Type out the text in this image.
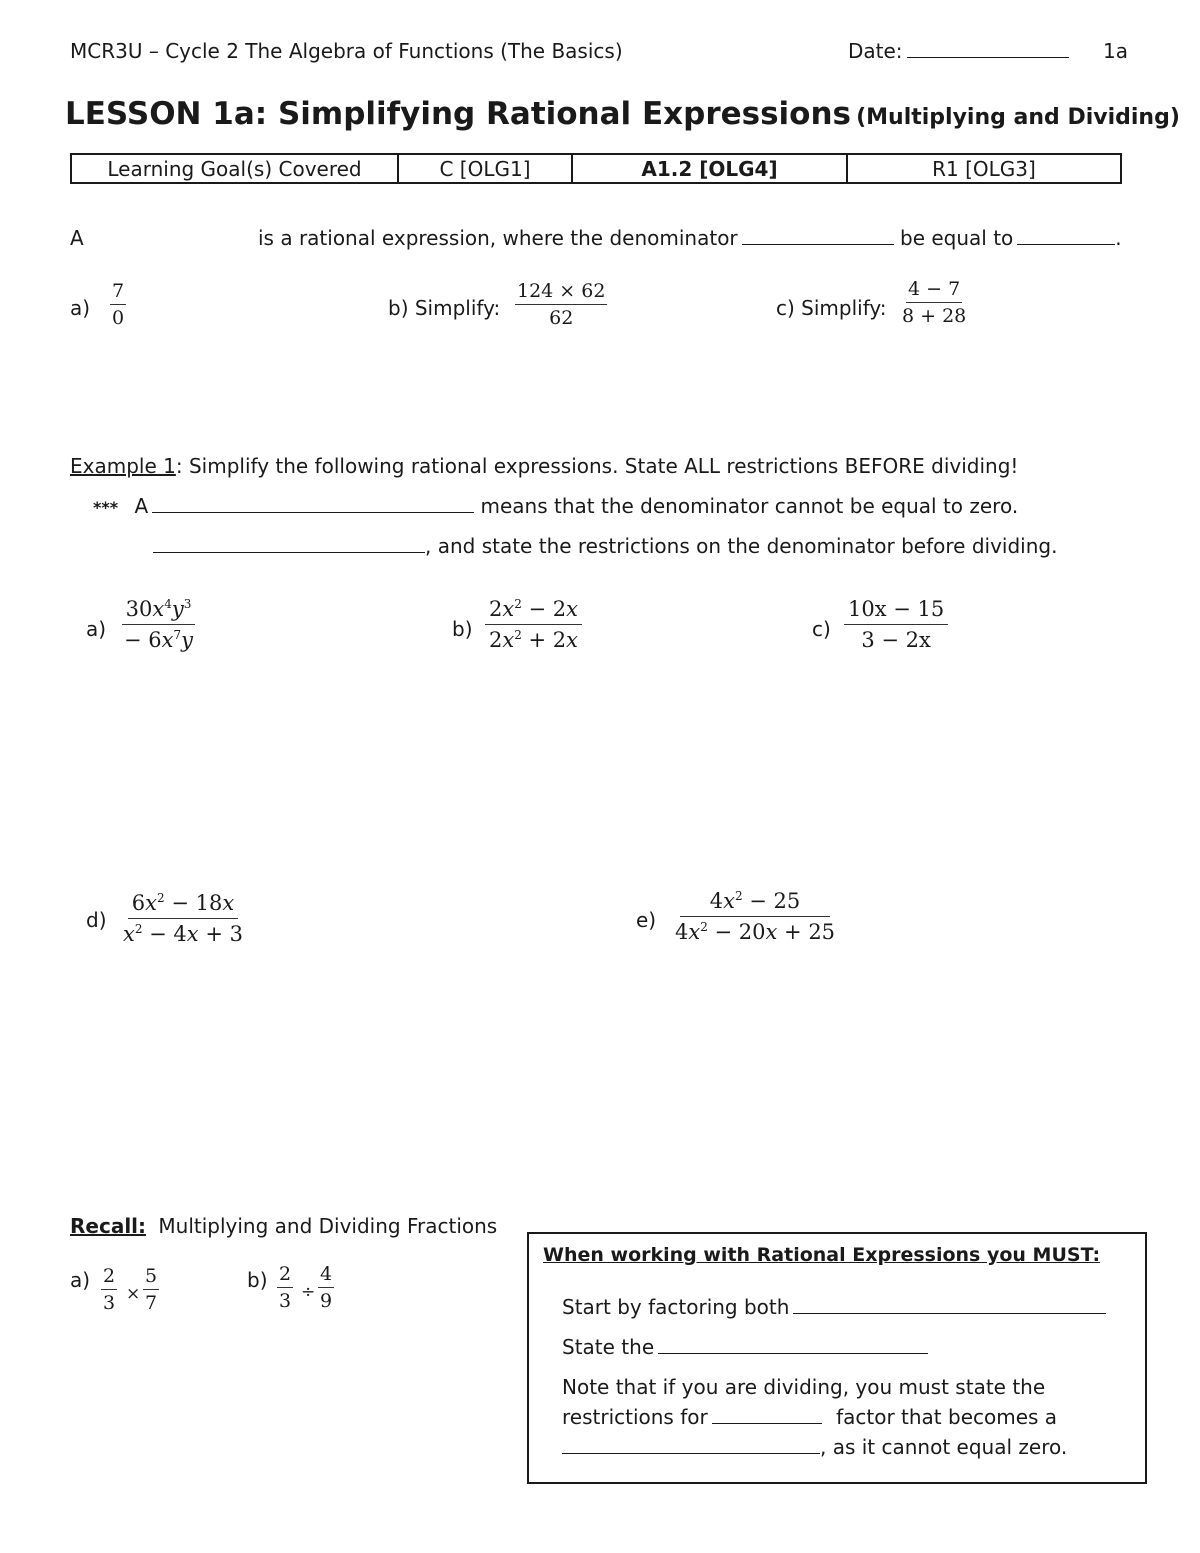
MCR3U – Cycle 2 The Algebra of Functions (The Basics)	Date:	1a
LESSON 1a: Simplifying Rational Expressions (Multiplying and Dividing)
Learning Goal(s) Covered	C [OLG1]	A1.2 [OLG4]	R1 [OLG3]
A	is a rational expression, where the denominator	be equal to	.
$a) \frac{7}{0}$	b) Simplify: $\frac{124 \times 62}{62}$	c) Simplify: $\frac{4 - 7}{8 + 28}$
Example 1: Simplify the following rational expressions. State ALL restrictions BEFORE dividing!
*** A	means that the denominator cannot be equal to zero.
, and state the restrictions on the denominator before dividing.
$a) \frac{30x^4y^3}{- 6x^7y}$	$b) \frac{2x^2 - 2x}{2x^2 + 2x}$	$c) \frac{10x - 15}{3 - 2x}$
$d) \frac{6x^2 - 18x}{x^2 - 4x + 3}$	$e) \frac{4x^2 - 25}{4x^2 - 20x + 25}$
Recall: Multiplying and Dividing Fractions
$a) \frac{2}{3} \times \frac{5}{7}$	$b) \frac{2}{3} \div \frac{4}{9}$
When working with Rational Expressions you MUST:
Start by factoring both
State the
Note that if you are dividing, you must state the
restrictions for	factor that becomes a
, as it cannot equal zero.
